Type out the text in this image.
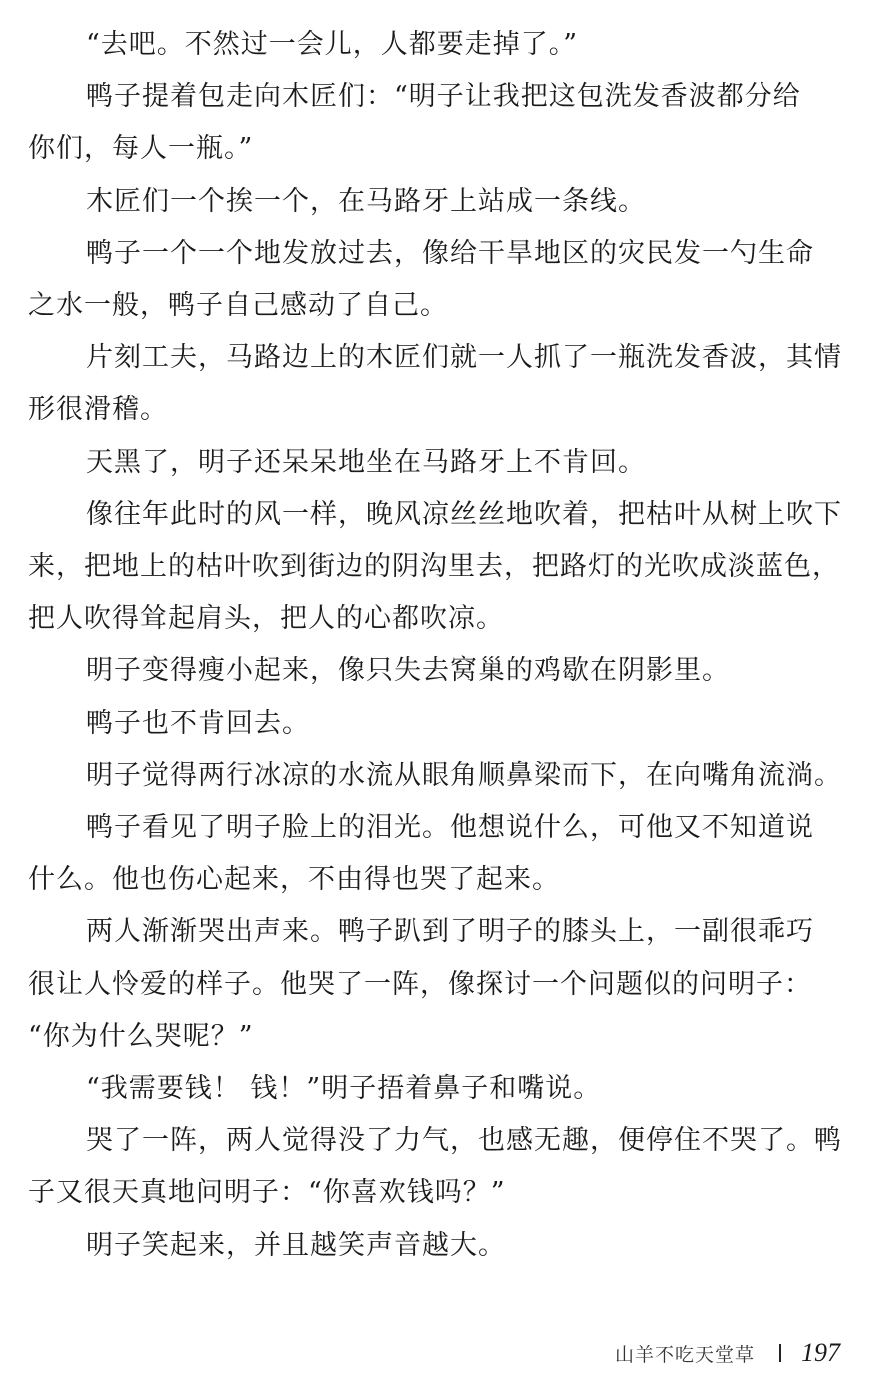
“去吧。不然过一会儿，人都要走掉了。”

鸭子提着包走向木匠们：“明子让我把这包洗发香波都分给
你们，每人一瓶。”

木匠们一个挨一个，在马路牙上站成一条线。

鸭子一个一个地发放过去，像给干旱地区的灾民发一勺生命
之水一般，鸭子自己感动了自己。

片刻工夫，马路边上的木匠们就一人抓了一瓶洗发香波，其情
形很滑稽。

天黑了，明子还呆呆地坐在马路牙上不肯回。

像往年此时的风一样，晚风凉丝丝地吹着，把枯叶从树上吹下
来，把地上的枯叶吹到街边的阴沟里去，把路灯的光吹成淡蓝色，
把人吹得耸起肩头，把人的心都吹凉。

明子变得瘦小起来，像只失去窝巢的鸡歇在阴影里。

鸭子也不肯回去。

明子觉得两行冰凉的水流从眼角顺鼻梁而下，在向嘴角流淌。

鸭子看见了明子脸上的泪光。他想说什么，可他又不知道说
什么。他也伤心起来，不由得也哭了起来。

两人渐渐哭出声来。鸭子趴到了明子的膝头上，一副很乖巧
很让人怜爱的样子。他哭了一阵，像探讨一个问题似的问明子：
“你为什么哭呢？”

“我需要钱！ 钱！”明子捂着鼻子和嘴说。

哭了一阵，两人觉得没了力气，也感无趣，便停住不哭了。鸭
子又很天真地问明子：“你喜欢钱吗？”

明子笑起来，并且越笑声音越大。

山羊不吃天堂草 197
